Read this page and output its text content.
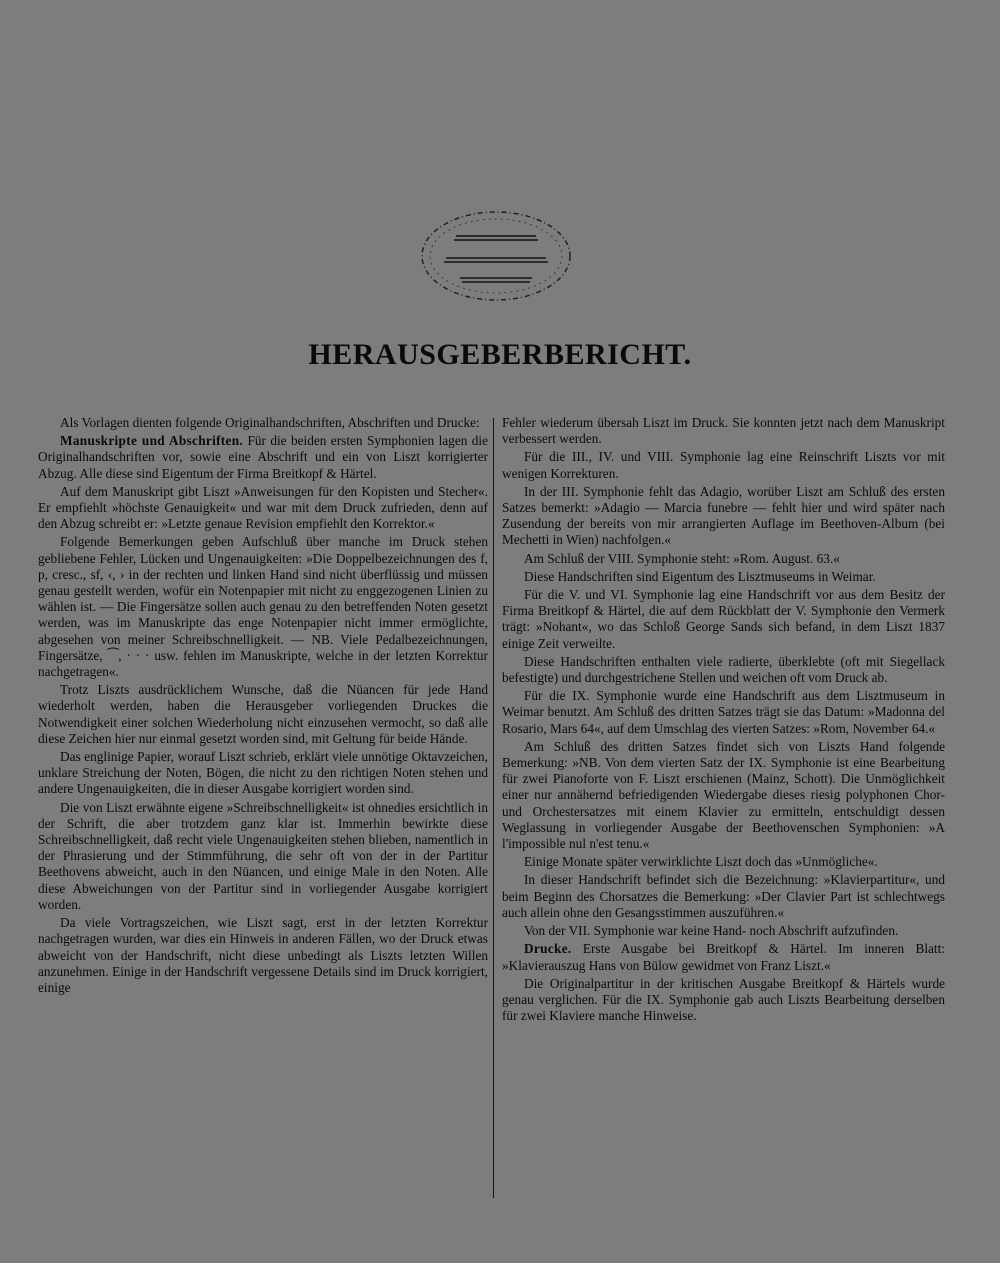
HERAUSGEBERBERICHT.

Als Vorlagen dienten folgende Originalhandschriften, Abschriften und Drucke:

Manuskripte und Abschriften. Für die beiden ersten Symphonien lagen die Originalhandschriften vor, sowie eine Abschrift und ein von Liszt korrigierter Abzug. Alle diese sind Eigentum der Firma Breitkopf & Härtel.

Auf dem Manuskript gibt Liszt »Anweisungen für den Kopisten und Stecher«. Er empfiehlt »höchste Genauigkeit« und war mit dem Druck zufrieden, denn auf den Abzug schreibt er: »Letzte genaue Revision empfiehlt den Korrektor.«

Folgende Bemerkungen geben Aufschluß über manche im Druck stehen gebliebene Fehler, Lücken und Ungenauigkeiten: »Die Doppelbezeichnungen des f, p, cresc., sf, ‹, › in der rechten und linken Hand sind nicht überflüssig und müssen genau gestellt werden, wofür ein Notenpapier mit nicht zu enggezogenen Linien zu wählen ist. — Die Fingersätze sollen auch genau zu den betreffenden Noten gesetzt werden, was im Manuskripte das enge Notenpapier nicht immer ermöglichte, abgesehen von meiner Schreibschnelligkeit. — NB. Viele Pedalbezeichnungen, Fingersätze, ⁀, · · · usw. fehlen im Manuskripte, welche in der letzten Korrektur nachgetragen«.

Trotz Liszts ausdrücklichem Wunsche, daß die Nüancen für jede Hand wiederholt werden, haben die Herausgeber vorliegenden Druckes die Notwendigkeit einer solchen Wiederholung nicht einzusehen vermocht, so daß alle diese Zeichen hier nur einmal gesetzt worden sind, mit Geltung für beide Hände.

Das englinige Papier, worauf Liszt schrieb, erklärt viele unnötige Oktavzeichen, unklare Streichung der Noten, Bögen, die nicht zu den richtigen Noten stehen und andere Ungenauigkeiten, die in dieser Ausgabe korrigiert worden sind.

Die von Liszt erwähnte eigene »Schreibschnelligkeit« ist ohnedies ersichtlich in der Schrift, die aber trotzdem ganz klar ist. Immerhin bewirkte diese Schreibschnelligkeit, daß recht viele Ungenauigkeiten stehen blieben, namentlich in der Phrasierung und der Stimmführung, die sehr oft von der in der Partitur Beethovens abweicht, auch in den Nüancen, und einige Male in den Noten. Alle diese Abweichungen von der Partitur sind in vorliegender Ausgabe korrigiert worden.

Da viele Vortragszeichen, wie Liszt sagt, erst in der letzten Korrektur nachgetragen wurden, war dies ein Hinweis in anderen Fällen, wo der Druck etwas abweicht von der Handschrift, nicht diese unbedingt als Liszts letzten Willen anzunehmen. Einige in der Handschrift vergessene Details sind im Druck korrigiert, einige

Fehler wiederum übersah Liszt im Druck. Sie konnten jetzt nach dem Manuskript verbessert werden.

Für die III., IV. und VIII. Symphonie lag eine Reinschrift Liszts vor mit wenigen Korrekturen.

In der III. Symphonie fehlt das Adagio, worüber Liszt am Schluß des ersten Satzes bemerkt: »Adagio — Marcia funebre — fehlt hier und wird später nach Zusendung der bereits von mir arrangierten Auflage im Beethoven-Album (bei Mechetti in Wien) nachfolgen.«

Am Schluß der VIII. Symphonie steht: »Rom. August. 63.«

Diese Handschriften sind Eigentum des Lisztmuseums in Weimar.

Für die V. und VI. Symphonie lag eine Handschrift vor aus dem Besitz der Firma Breitkopf & Härtel, die auf dem Rückblatt der V. Symphonie den Vermerk trägt: »Nohant«, wo das Schloß George Sands sich befand, in dem Liszt 1837 einige Zeit verweilte.

Diese Handschriften enthalten viele radierte, überklebte (oft mit Siegellack befestigte) und durchgestrichene Stellen und weichen oft vom Druck ab.

Für die IX. Symphonie wurde eine Handschrift aus dem Lisztmuseum in Weimar benutzt. Am Schluß des dritten Satzes trägt sie das Datum: »Madonna del Rosario, Mars 64«, auf dem Umschlag des vierten Satzes: »Rom, November 64.«

Am Schluß des dritten Satzes findet sich von Liszts Hand folgende Bemerkung: »NB. Von dem vierten Satz der IX. Symphonie ist eine Bearbeitung für zwei Pianoforte von F. Liszt erschienen (Mainz, Schott). Die Unmöglichkeit einer nur annähernd befriedigenden Wiedergabe dieses riesig polyphonen Chor- und Orchestersatzes mit einem Klavier zu ermitteln, entschuldigt dessen Weglassung in vorliegender Ausgabe der Beethovenschen Symphonien: »A l'impossible nul n'est tenu.«

Einige Monate später verwirklichte Liszt doch das »Unmögliche«.

In dieser Handschrift befindet sich die Bezeichnung: »Klavierpartitur«, und beim Beginn des Chorsatzes die Bemerkung: »Der Clavier Part ist schlechtwegs auch allein ohne den Gesangsstimmen auszuführen.«

Von der VII. Symphonie war keine Hand- noch Abschrift aufzufinden.

Drucke. Erste Ausgabe bei Breitkopf & Härtel. Im inneren Blatt: »Klavierauszug Hans von Bülow gewidmet von Franz Liszt.«

Die Originalpartitur in der kritischen Ausgabe Breitkopf & Härtels wurde genau verglichen. Für die IX. Symphonie gab auch Liszts Bearbeitung derselben für zwei Klaviere manche Hinweise.
